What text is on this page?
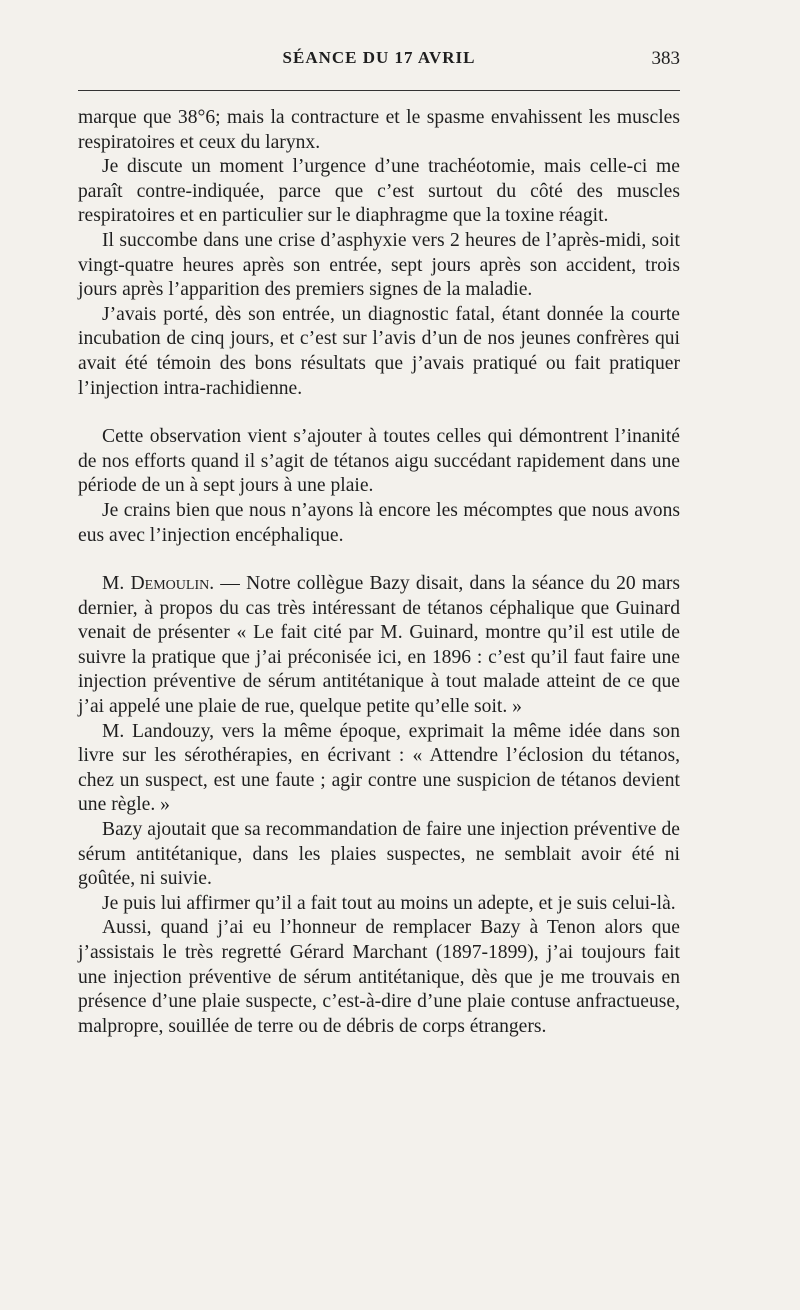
SÉANCE DU 17 AVRIL	383

marque que 38°6; mais la contracture et le spasme envahissent les muscles respiratoires et ceux du larynx.

Je discute un moment l’urgence d’une trachéotomie, mais celle-ci me paraît contre-indiquée, parce que c’est surtout du côté des muscles respiratoires et en particulier sur le diaphragme que la toxine réagit.

Il succombe dans une crise d’asphyxie vers 2 heures de l’après-midi, soit vingt-quatre heures après son entrée, sept jours après son accident, trois jours après l’apparition des premiers signes de la maladie.

J’avais porté, dès son entrée, un diagnostic fatal, étant donnée la courte incubation de cinq jours, et c’est sur l’avis d’un de nos jeunes confrères qui avait été témoin des bons résultats que j’avais pratiqué ou fait pratiquer l’injection intra-rachidienne.

Cette observation vient s’ajouter à toutes celles qui démontrent l’inanité de nos efforts quand il s’agit de tétanos aigu succédant rapidement dans une période de un à sept jours à une plaie.

Je crains bien que nous n’ayons là encore les mécomptes que nous avons eus avec l’injection encéphalique.

M. Demoulin. — Notre collègue Bazy disait, dans la séance du 20 mars dernier, à propos du cas très intéressant de tétanos céphalique que Guinard venait de présenter « Le fait cité par M. Guinard, montre qu’il est utile de suivre la pratique que j’ai préconisée ici, en 1896 : c’est qu’il faut faire une injection préventive de sérum antitétanique à tout malade atteint de ce que j’ai appelé une plaie de rue, quelque petite qu’elle soit. »

M. Landouzy, vers la même époque, exprimait la même idée dans son livre sur les sérothérapies, en écrivant : « Attendre l’éclosion du tétanos, chez un suspect, est une faute ; agir contre une suspicion de tétanos devient une règle. »

Bazy ajoutait que sa recommandation de faire une injection préventive de sérum antitétanique, dans les plaies suspectes, ne semblait avoir été ni goûtée, ni suivie.

Je puis lui affirmer qu’il a fait tout au moins un adepte, et je suis celui-là.

Aussi, quand j’ai eu l’honneur de remplacer Bazy à Tenon alors que j’assistais le très regretté Gérard Marchant (1897-1899), j’ai toujours fait une injection préventive de sérum antitétanique, dès que je me trouvais en présence d’une plaie suspecte, c’est-à-dire d’une plaie contuse anfractueuse, malpropre, souillée de terre ou de débris de corps étrangers.
